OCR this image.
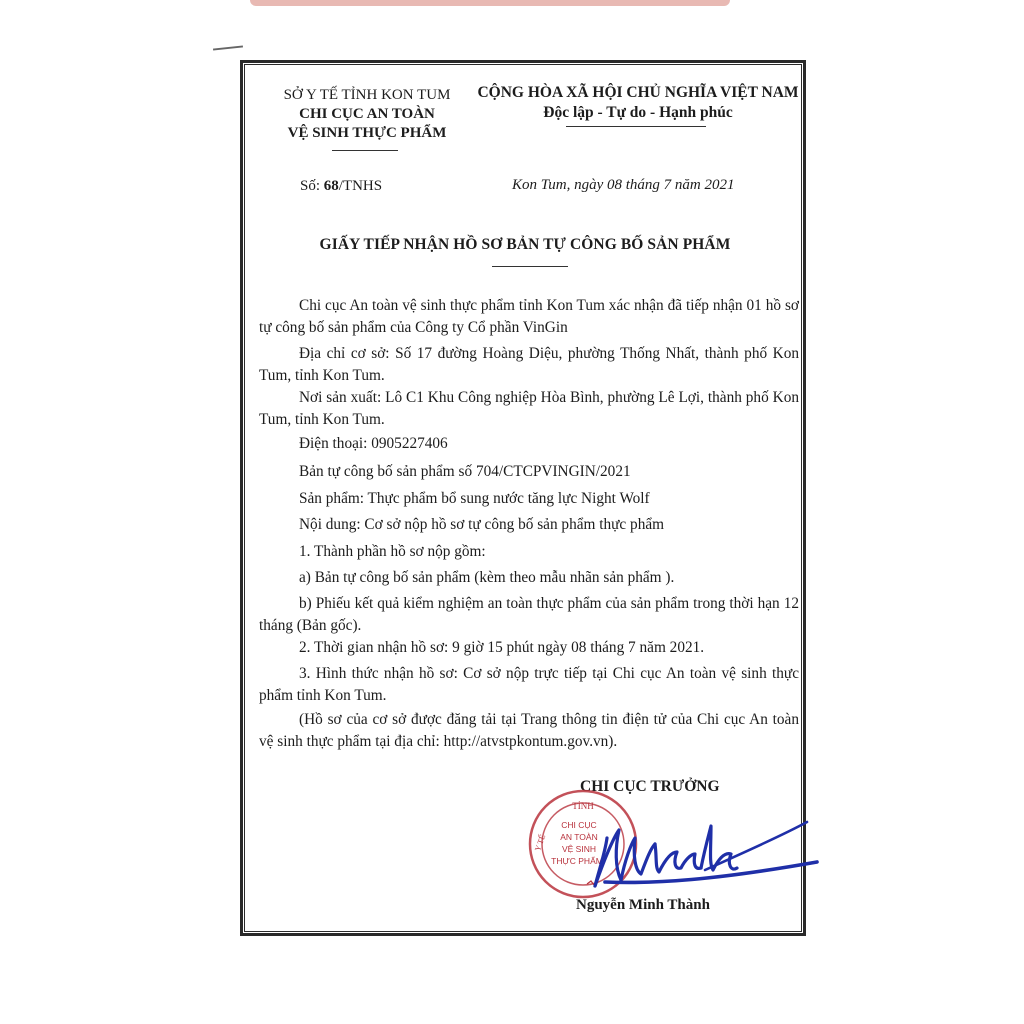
SỞ Y TẾ TỈNH KON TUM
CHI CỤC AN TOÀN
VỆ SINH THỰC PHẨM
CỘNG HÒA XÃ HỘI CHỦ NGHĨA VIỆT NAM
Độc lập - Tự do - Hạnh phúc
Số: 68/TNHS	Kon Tum, ngày 08 tháng 7 năm 2021
GIẤY TIẾP NHẬN HỒ SƠ BẢN TỰ CÔNG BỐ SẢN PHẨM
Chi cục An toàn vệ sinh thực phẩm tỉnh Kon Tum xác nhận đã tiếp nhận 01 hồ sơ tự công bố sản phẩm của Công ty Cổ phần VinGin
Địa chỉ cơ sở: Số 17 đường Hoàng Diệu, phường Thống Nhất, thành phố Kon Tum, tỉnh Kon Tum.
Nơi sản xuất: Lô C1 Khu Công nghiệp Hòa Bình, phường Lê Lợi, thành phố Kon Tum, tỉnh Kon Tum.
Điện thoại: 0905227406
Bản tự công bố sản phẩm số 704/CTCPVINGIN/2021
Sản phẩm: Thực phẩm bổ sung nước tăng lực Night Wolf
Nội dung: Cơ sở nộp hồ sơ tự công bố sản phẩm thực phẩm
1. Thành phần hồ sơ nộp gồm:
a) Bản tự công bố sản phẩm (kèm theo mẫu nhãn sản phẩm ).
b) Phiếu kết quả kiểm nghiệm an toàn thực phẩm của sản phẩm trong thời hạn 12 tháng (Bản gốc).
2. Thời gian nhận hồ sơ: 9 giờ 15 phút ngày 08 tháng 7 năm 2021.
3. Hình thức nhận hồ sơ: Cơ sở nộp trực tiếp tại Chi cục An toàn vệ sinh thực phẩm tỉnh Kon Tum.
(Hồ sơ của cơ sở được đăng tải tại Trang thông tin điện tử của Chi cục An toàn vệ sinh thực phẩm tại địa chỉ: http://atvstpkontum.gov.vn).
CHI CỤC TRƯỞNG
TỈNH
Y TẾ
CHI CỤC
AN TOÀN
VỆ SINH
THỰC PHẨM
Nguyễn Minh Thành
